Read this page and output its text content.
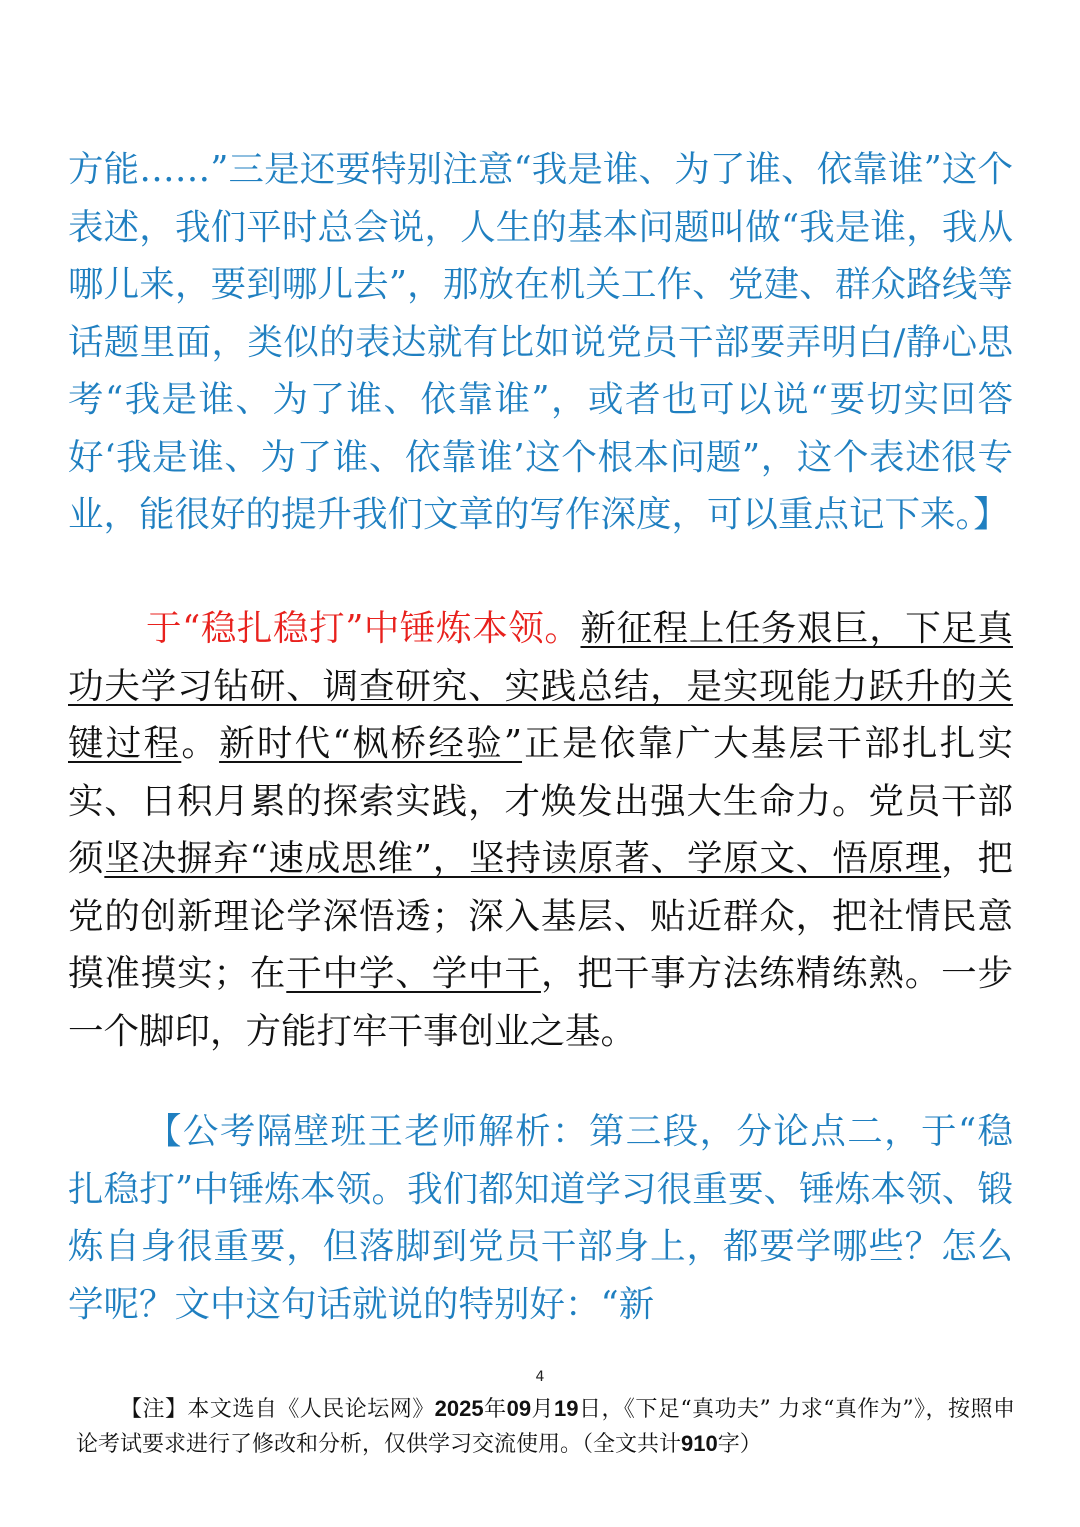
方能……”三是还要特别注意“我是谁、为了谁、依靠谁”这个表述，我们平时总会说，人生的基本问题叫做“我是谁，我从哪儿来，要到哪儿去”，那放在机关工作、党建、群众路线等话题里面，类似的表达就有比如说党员干部要弄明白/静心思考“我是谁、为了谁、依靠谁”，或者也可以说“要切实回答好‘我是谁、为了谁、依靠谁’这个根本问题”，这个表述很专业，能很好的提升我们文章的写作深度，可以重点记下来。】

于“稳扎稳打”中锤炼本领。新征程上任务艰巨，下足真功夫学习钻研、调查研究、实践总结，是实现能力跃升的关键过程。新时代“枫桥经验”正是依靠广大基层干部扎扎实实、日积月累的探索实践，才焕发出强大生命力。党员干部须坚决摒弃“速成思维”，坚持读原著、学原文、悟原理，把党的创新理论学深悟透；深入基层、贴近群众，把社情民意摸准摸实；在干中学、学中干，把干事方法练精练熟。一步一个脚印，方能打牢干事创业之基。

【公考隔壁班王老师解析：第三段，分论点二，于“稳扎稳打”中锤炼本领。我们都知道学习很重要、锤炼本领、锻炼自身很重要，但落脚到党员干部身上，都要学哪些？怎么学呢？文中这句话就说的特别好：“新

4

【注】本文选自《人民论坛网》2025年09月19日，《下足“真功夫” 力求“真作为”》，按照申论考试要求进行了修改和分析，仅供学习交流使用。（全文共计910字）
